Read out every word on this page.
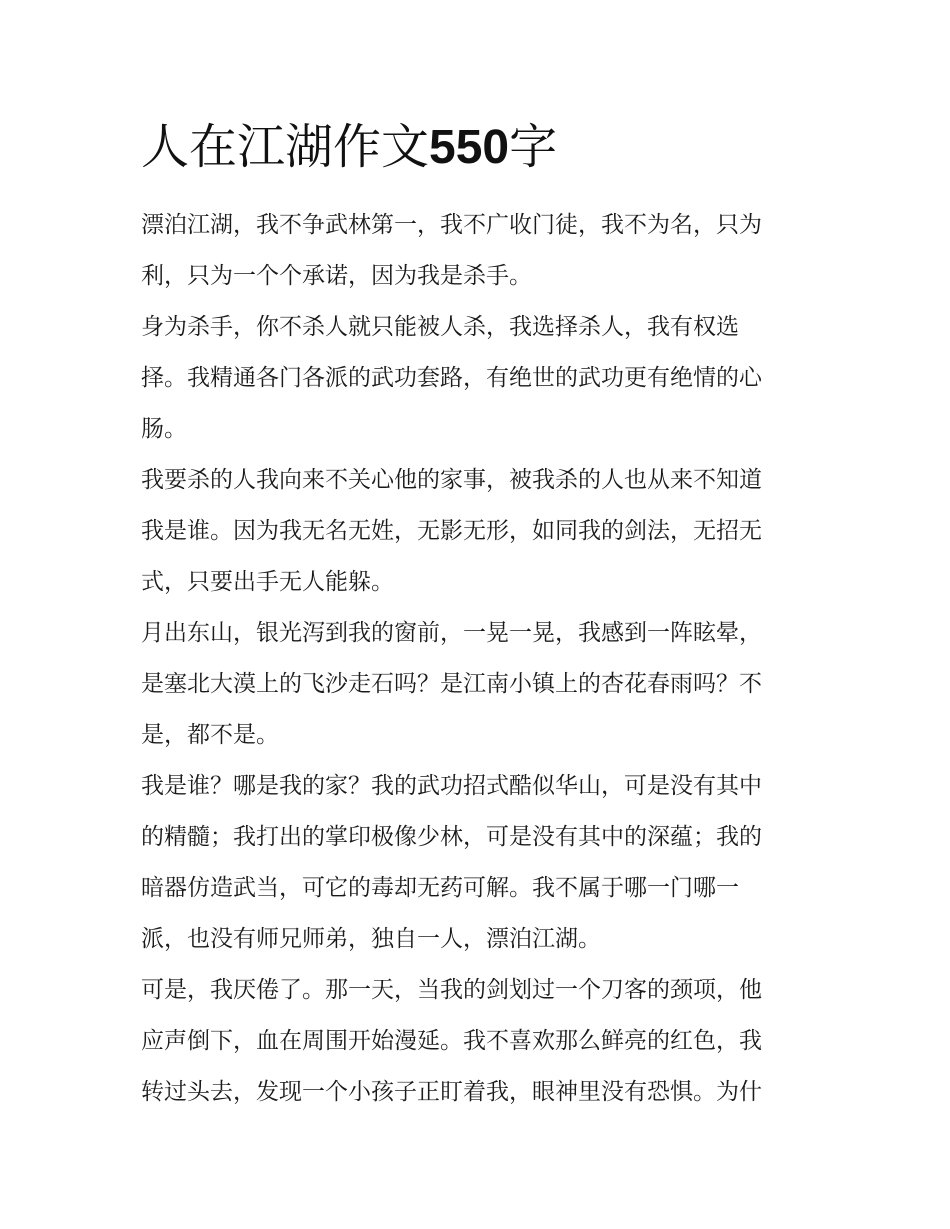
人在江湖作文550字

漂泊江湖，我不争武林第一，我不广收门徒，我不为名，只为
利，只为一个个承诺，因为我是杀手。

身为杀手，你不杀人就只能被人杀，我选择杀人，我有权选
择。我精通各门各派的武功套路，有绝世的武功更有绝情的心
肠。

我要杀的人我向来不关心他的家事，被我杀的人也从来不知道
我是谁。因为我无名无姓，无影无形，如同我的剑法，无招无
式，只要出手无人能躲。

月出东山，银光泻到我的窗前，一晃一晃，我感到一阵眩晕，
是塞北大漠上的飞沙走石吗？是江南小镇上的杏花春雨吗？不
是，都不是。

我是谁？哪是我的家？我的武功招式酷似华山，可是没有其中
的精髓；我打出的掌印极像少林，可是没有其中的深蕴；我的
暗器仿造武当，可它的毒却无药可解。我不属于哪一门哪一
派，也没有师兄师弟，独自一人，漂泊江湖。

可是，我厌倦了。那一天，当我的剑划过一个刀客的颈项，他
应声倒下，血在周围开始漫延。我不喜欢那么鲜亮的红色，我
转过头去，发现一个小孩子正盯着我，眼神里没有恐惧。为什
